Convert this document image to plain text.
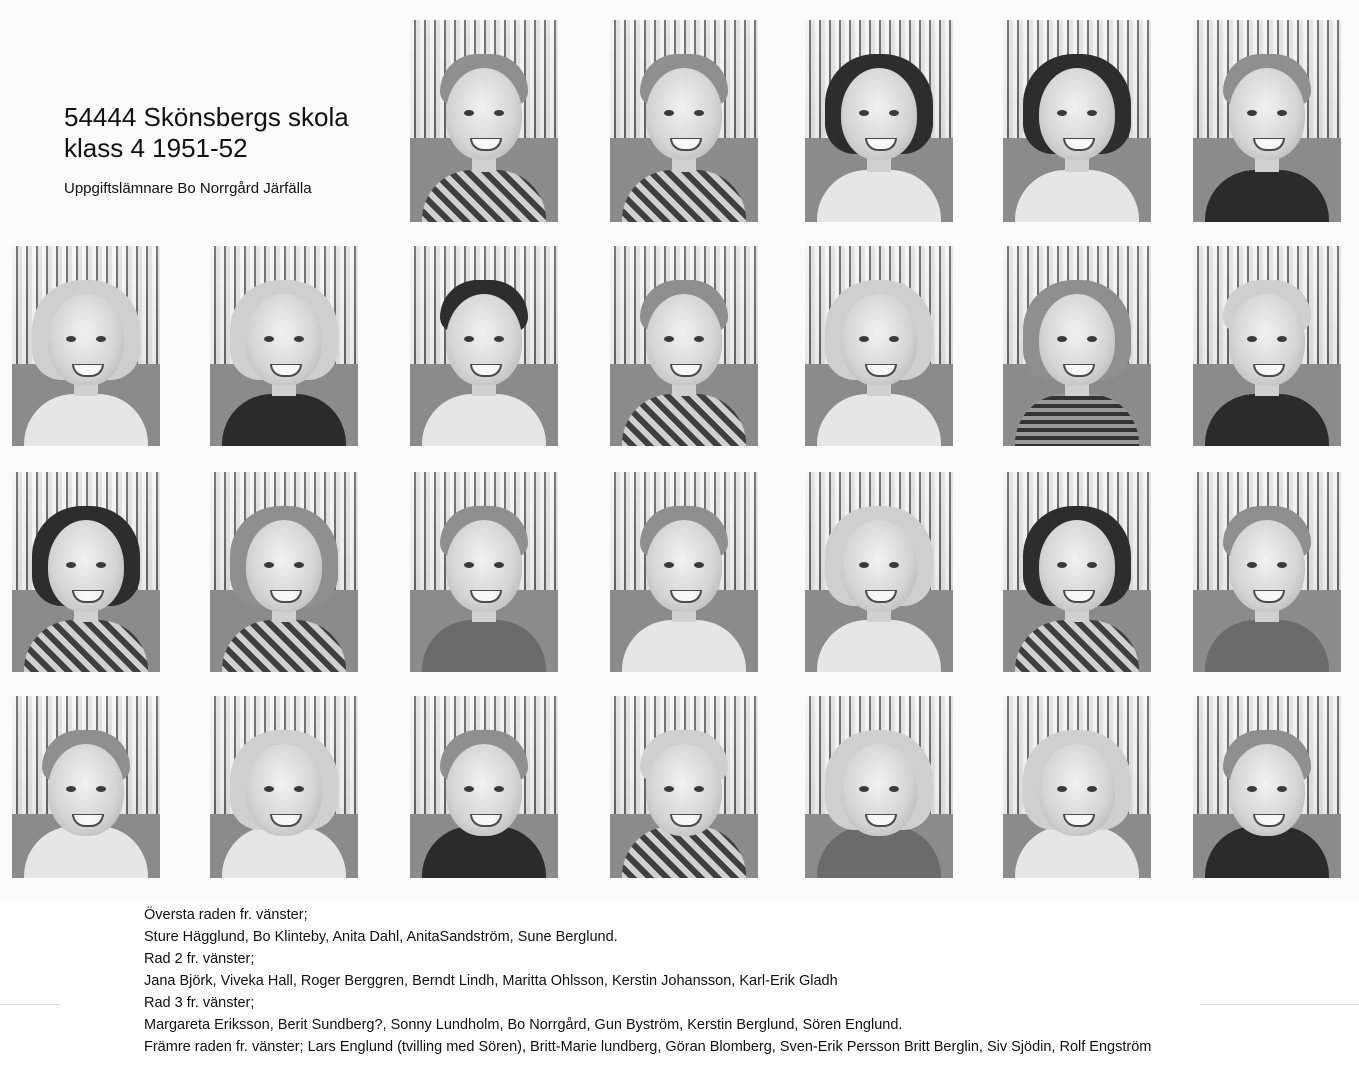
54444 Skönsbergs skola
klass 4 1951-52
Uppgiftslämnare Bo Norrgård Järfälla
Översta raden fr. vänster;
Sture Hägglund, Bo Klinteby, Anita Dahl, AnitaSandström, Sune Berglund.
Rad 2 fr. vänster;
Jana Björk, Viveka Hall, Roger Berggren, Berndt Lindh, Maritta Ohlsson, Kerstin Johansson, Karl-Erik Gladh
Rad 3 fr. vänster;
Margareta Eriksson, Berit Sundberg?, Sonny Lundholm, Bo Norrgård, Gun Byström, Kerstin Berglund, Sören Englund.
Främre raden fr. vänster; Lars Englund (tvilling med Sören), Britt-Marie lundberg, Göran Blomberg, Sven-Erik Persson Britt Berglin, Siv Sjödin, Rolf Engström
